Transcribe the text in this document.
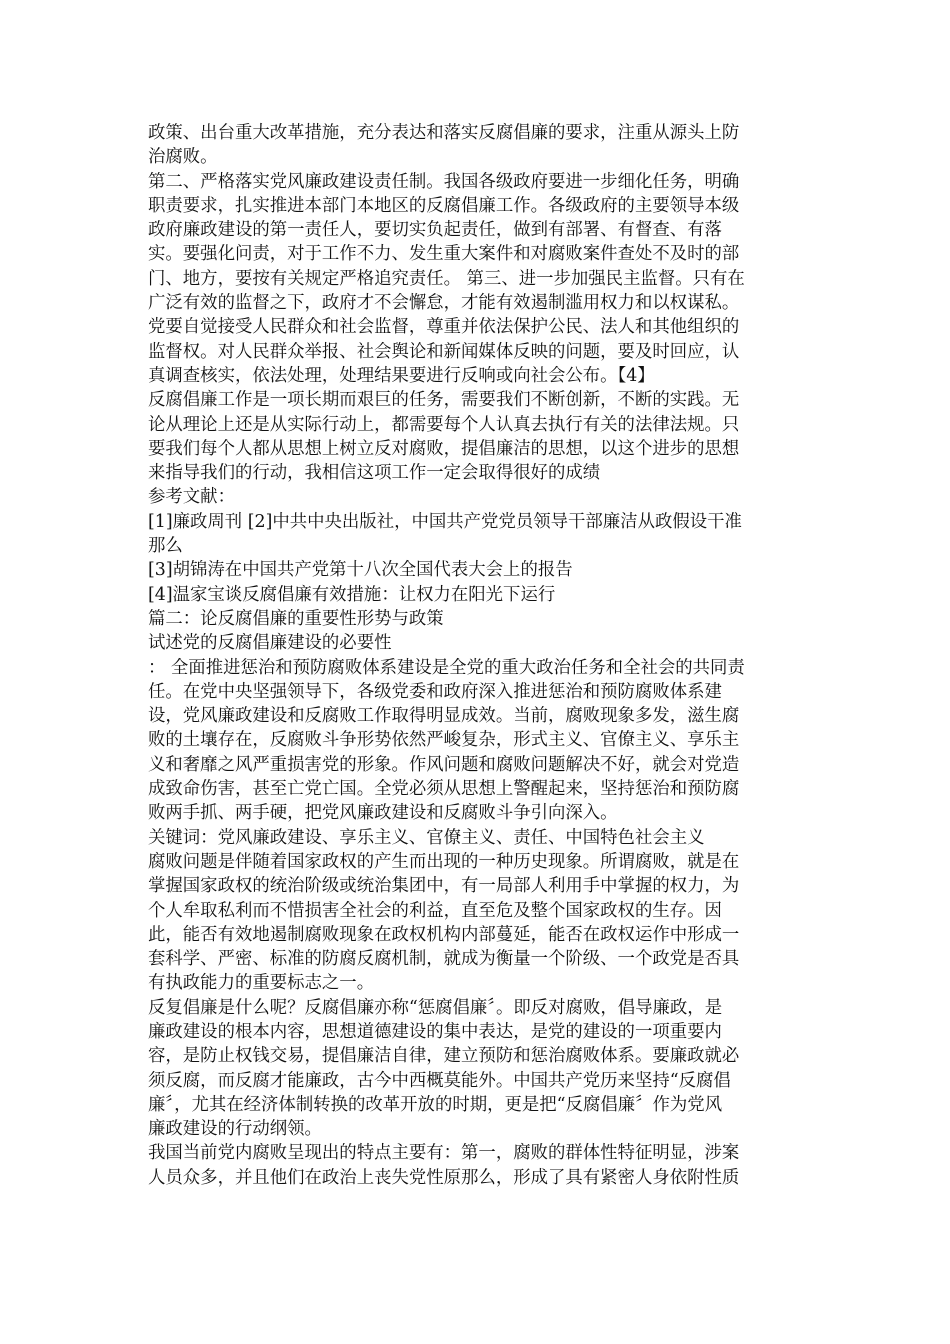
政策、出台重大改革措施，充分表达和落实反腐倡廉的要求，注重从源头上防
治腐败。
第二、严格落实党风廉政建设责任制。我国各级政府要进一步细化任务，明确
职责要求，扎实推进本部门本地区的反腐倡廉工作。各级政府的主要领导本级
政府廉政建设的第一责任人，要切实负起责任，做到有部署、有督查、有落
实。要强化问责，对于工作不力、发生重大案件和对腐败案件查处不及时的部
门、地方，要按有关规定严格追究责任。 第三、进一步加强民主监督。只有在
广泛有效的监督之下，政府才不会懈怠，才能有效遏制滥用权力和以权谋私。
党要自觉接受人民群众和社会监督，尊重并依法保护公民、法人和其他组织的
监督权。对人民群众举报、社会舆论和新闻媒体反映的问题，要及时回应，认
真调查核实，依法处理，处理结果要进行反响或向社会公布。【4】
反腐倡廉工作是一项长期而艰巨的任务，需要我们不断创新，不断的实践。无
论从理论上还是从实际行动上，都需要每个人认真去执行有关的法律法规。只
要我们每个人都从思想上树立反对腐败，提倡廉洁的思想，以这个进步的思想
来指导我们的行动，我相信这项工作一定会取得很好的成绩
参考文献：
[1]廉政周刊 [2]中共中央出版社，中国共产党党员领导干部廉洁从政假设干准
那么
[3]胡锦涛在中国共产党第十八次全国代表大会上的报告
[4]温家宝谈反腐倡廉有效措施：让权力在阳光下运行
篇二：论反腐倡廉的重要性形势与政策
试述党的反腐倡廉建设的必要性
： 全面推进惩治和预防腐败体系建设是全党的重大政治任务和全社会的共同责
任。在党中央坚强领导下，各级党委和政府深入推进惩治和预防腐败体系建
设，党风廉政建设和反腐败工作取得明显成效。当前，腐败现象多发，滋生腐
败的土壤存在，反腐败斗争形势依然严峻复杂，形式主义、官僚主义、享乐主
义和奢靡之风严重损害党的形象。作风问题和腐败问题解决不好，就会对党造
成致命伤害，甚至亡党亡国。全党必须从思想上警醒起来，坚持惩治和预防腐
败两手抓、两手硬，把党风廉政建设和反腐败斗争引向深入。
关键词：党风廉政建设、享乐主义、官僚主义、责任、中国特色社会主义
腐败问题是伴随着国家政权的产生而出现的一种历史现象。所谓腐败，就是在
掌握国家政权的统治阶级或统治集团中，有一局部人利用手中掌握的权力，为
个人牟取私利而不惜损害全社会的利益，直至危及整个国家政权的生存。因
此，能否有效地遏制腐败现象在政权机构内部蔓延，能否在政权运作中形成一
套科学、严密、标准的防腐反腐机制，就成为衡量一个阶级、一个政党是否具
有执政能力的重要标志之一。
反复倡廉是什么呢？反腐倡廉亦称“惩腐倡廉〞。即反对腐败，倡导廉政，是
廉政建设的根本内容，思想道德建设的集中表达，是党的建设的一项重要内
容，是防止权钱交易，提倡廉洁自律，建立预防和惩治腐败体系。要廉政就必
须反腐，而反腐才能廉政，古今中西概莫能外。中国共产党历来坚持“反腐倡
廉〞，尤其在经济体制转换的改革开放的时期，更是把“反腐倡廉〞作为党风
廉政建设的行动纲领。
我国当前党内腐败呈现出的特点主要有：第一，腐败的群体性特征明显，涉案
人员众多，并且他们在政治上丧失党性原那么，形成了具有紧密人身依附性质
